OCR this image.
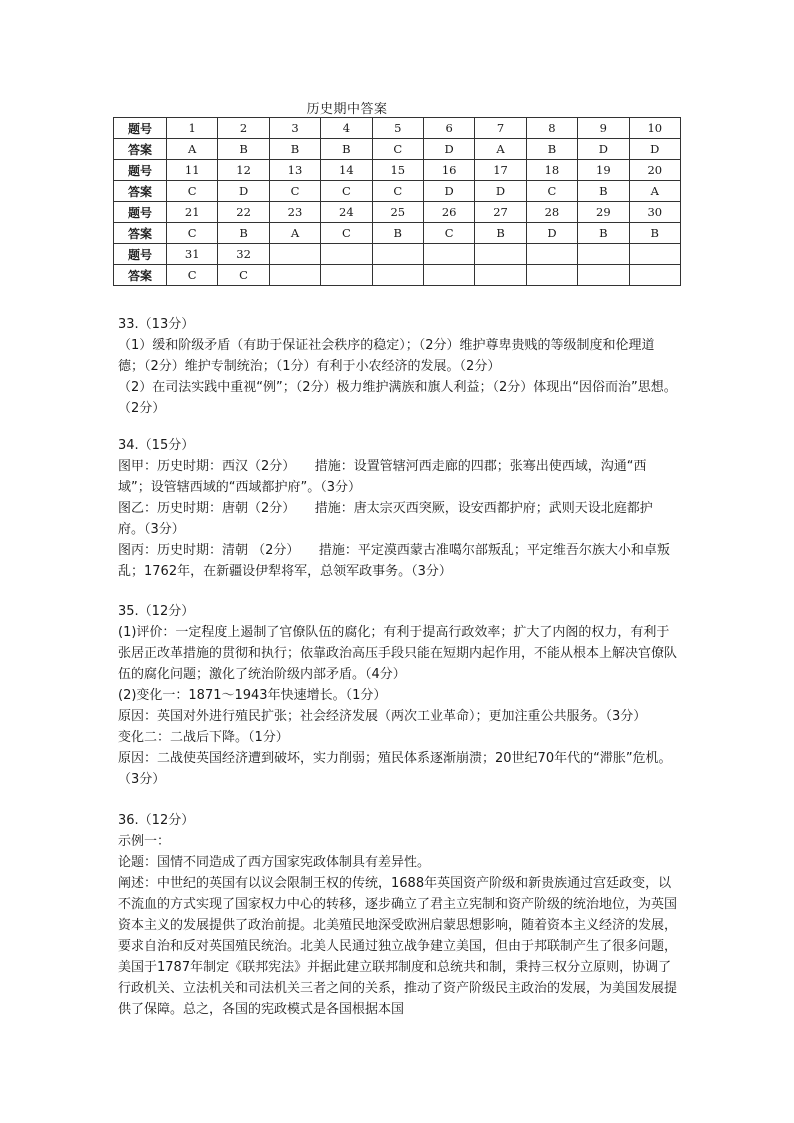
历史期中答案
题号	1	2	3	4	5	6	7	8	9	10
答案	A	B	B	B	C	D	A	B	D	D
题号	11	12	13	14	15	16	17	18	19	20
答案	C	D	C	C	C	D	D	C	B	A
题号	21	22	23	24	25	26	27	28	29	30
答案	C	B	A	C	B	C	B	D	B	B
题号	31	32								
答案	C	C								

33.（13分）

（1）缓和阶级矛盾（有助于保证社会秩序的稳定）；（2分）维护尊卑贵贱的等级制度和伦理道德；（2分）维护专制统治；（1分）有利于小农经济的发展。（2分）

（2）在司法实践中重视“例”；（2分）极力维护满族和旗人利益；（2分）体现出“因俗而治”思想。（2分）

34.（15分）

图甲：历史时期：西汉（2分）　　措施：设置管辖河西走廊的四郡；张骞出使西域，沟通“西域”；设管辖西域的“西域都护府”。（3分）

图乙：历史时期：唐朝（2分）　　措施：唐太宗灭西突厥，设安西都护府；武则天设北庭都护府。（3分）

图丙：历史时期：清朝 （2分）　　措施：平定漠西蒙古准噶尔部叛乱；平定维吾尔族大小和卓叛乱；1762年，在新疆设伊犁将军，总领军政事务。（3分）

35.（12分）

(1)评价：一定程度上遏制了官僚队伍的腐化；有利于提高行政效率；扩大了内阁的权力，有利于张居正改革措施的贯彻和执行；依靠政治高压手段只能在短期内起作用，不能从根本上解决官僚队伍的腐化问题；激化了统治阶级内部矛盾。（4分）

(2)变化一：1871～1943年快速增长。（1分）

原因：英国对外进行殖民扩张；社会经济发展（两次工业革命）；更加注重公共服务。（3分）

变化二：二战后下降。（1分）

原因：二战使英国经济遭到破坏，实力削弱；殖民体系逐渐崩溃；20世纪70年代的“滞胀”危机。（3分）

36.（12分）

示例一：

论题：国情不同造成了西方国家宪政体制具有差异性。

阐述：中世纪的英国有以议会限制王权的传统，1688年英国资产阶级和新贵族通过宫廷政变，以不流血的方式实现了国家权力中心的转移，逐步确立了君主立宪制和资产阶级的统治地位，为英国资本主义的发展提供了政治前提。北美殖民地深受欧洲启蒙思想影响，随着资本主义经济的发展，要求自治和反对英国殖民统治。北美人民通过独立战争建立美国，但由于邦联制产生了很多问题，美国于1787年制定《联邦宪法》并据此建立联邦制度和总统共和制，秉持三权分立原则，协调了行政机关、立法机关和司法机关三者之间的关系，推动了资产阶级民主政治的发展，为美国发展提供了保障。总之，各国的宪政模式是各国根据本国
